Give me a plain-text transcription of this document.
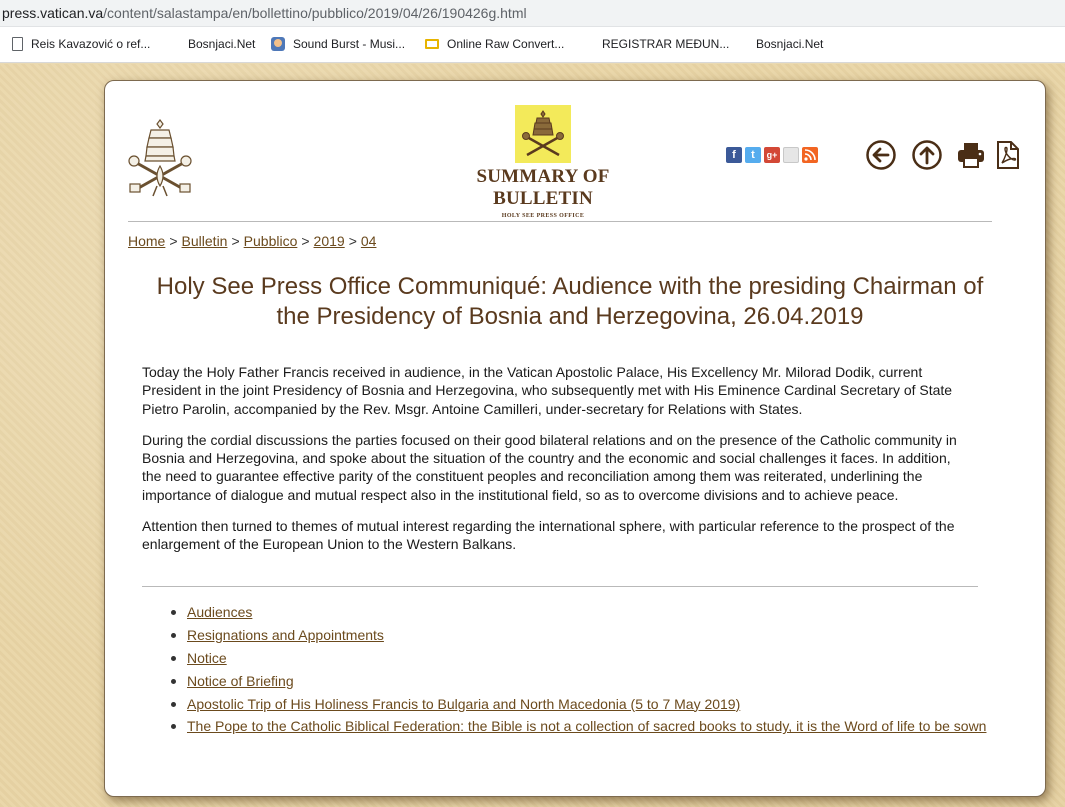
press.vatican.va/content/salastampa/en/bollettino/pubblico/2019/04/26/190426g.html
Reis Kavazović o ref...	Bosnjaci.Net	Sound Burst - Musi...	Online Raw Convert...	REGISTRAR MEĐUN... Bosnjaci.Net
SUMMARY OF BULLETIN
HOLY SEE PRESS OFFICE
f	t	g+
Home > Bulletin > Pubblico > 2019 > 04
Holy See Press Office Communiqué: Audience with the presiding Chairman of the Presidency of Bosnia and Herzegovina, 26.04.2019

Today the Holy Father Francis received in audience, in the Vatican Apostolic Palace, His Excellency Mr. Milorad Dodik, current President in the joint Presidency of Bosnia and Herzegovina, who subsequently met with His Eminence Cardinal Secretary of State Pietro Parolin, accompanied by the Rev. Msgr. Antoine Camilleri, under-secretary for Relations with States.

During the cordial discussions the parties focused on their good bilateral relations and on the presence of the Catholic community in Bosnia and Herzegovina, and spoke about the situation of the country and the economic and social challenges it faces. In addition, the need to guarantee effective parity of the constituent peoples and reconciliation among them was reiterated, underlining the importance of dialogue and mutual respect also in the institutional field, so as to overcome divisions and to achieve peace.

Attention then turned to themes of mutual interest regarding the international sphere, with particular reference to the prospect of the enlargement of the European Union to the Western Balkans.

Audiences
Resignations and Appointments
Notice
Notice of Briefing
Apostolic Trip of His Holiness Francis to Bulgaria and North Macedonia (5 to 7 May 2019)
The Pope to the Catholic Biblical Federation: the Bible is not a collection of sacred books to study, it is the Word of life to be sown
